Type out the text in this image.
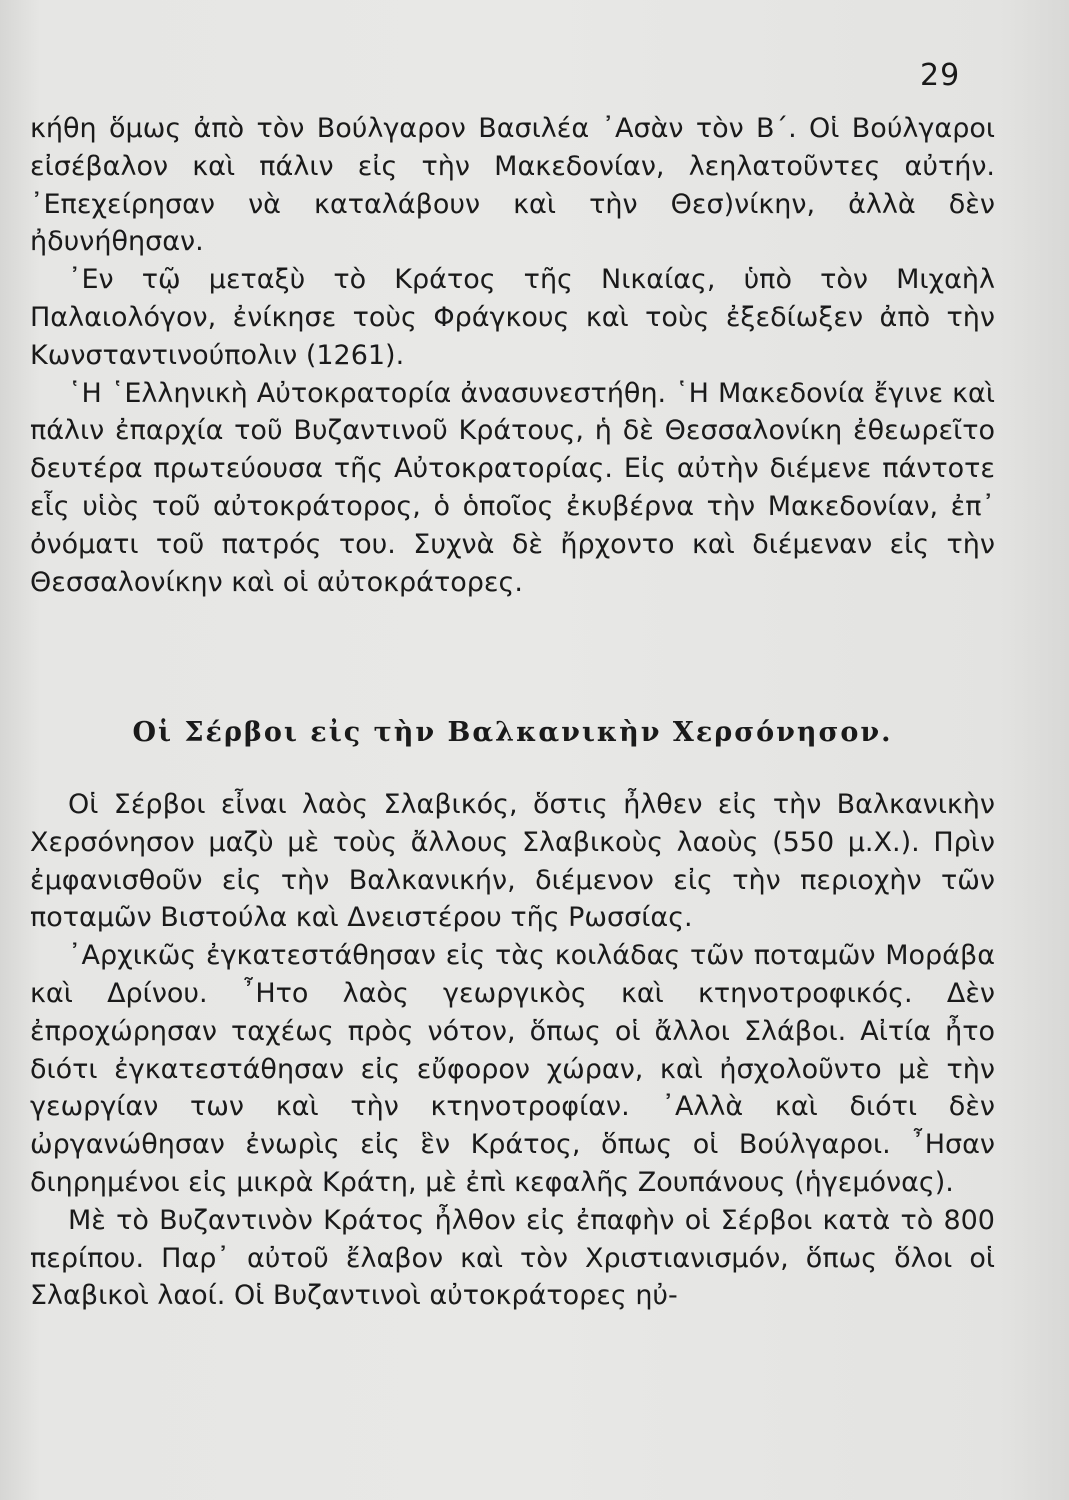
29

κήθη ὅμως ἀπὸ τὸν Βούλγαρον Βασιλέα ᾿Ασὰν τὸν Β΄. Οἱ Βούλγαροι εἰσέβαλον καὶ πάλιν εἰς τὴν Μακεδονίαν, λεηλατοῦντες αὐτήν. ᾿Επεχείρησαν νὰ καταλάβουν καὶ τὴν Θεσ)νίκην, ἀλλὰ δὲν ἠδυνήθησαν.

᾿Εν τῷ μεταξὺ τὸ Κράτος τῆς Νικαίας, ὑπὸ τὸν Μιχαὴλ Παλαιολόγον, ἐνίκησε τοὺς Φράγκους καὶ τοὺς ἐξεδίωξεν ἀπὸ τὴν Κωνσταντινούπολιν (1261).

῾Η ῾Ελληνικὴ Αὐτοκρατορία ἀνασυνεστήθη. ῾Η Μακεδονία ἔγινε καὶ πάλιν ἐπαρχία τοῦ Βυζαντινοῦ Κράτους, ἡ δὲ Θεσσαλονίκη ἐθεωρεῖτο δευτέρα πρωτεύουσα τῆς Αὐτοκρατορίας. Εἰς αὐτὴν διέμενε πάντοτε εἷς υἱὸς τοῦ αὐτοκράτορος, ὁ ὁποῖος ἐκυβέρνα τὴν Μακεδονίαν, ἐπ᾿ ὀνόματι τοῦ πατρός του. Συχνὰ δὲ ἤρχοντο καὶ διέμεναν εἰς τὴν Θεσσαλονίκην καὶ οἱ αὐτοκράτορες.

Οἱ Σέρβοι εἰς τὴν Βαλκανικὴν Χερσόνησον.

Οἱ Σέρβοι εἶναι λαὸς Σλαβικός, ὅστις ἦλθεν εἰς τὴν Βαλκανικὴν Χερσόνησον μαζὺ μὲ τοὺς ἄλλους Σλαβικοὺς λαοὺς (550 μ.Χ.). Πρὶν ἐμφανισθοῦν εἰς τὴν Βαλκανικήν, διέμενον εἰς τὴν περιοχὴν τῶν ποταμῶν Βιστούλα καὶ Δνειστέρου τῆς Ρωσσίας.

᾿Αρχικῶς ἐγκατεστάθησαν εἰς τὰς κοιλάδας τῶν ποταμῶν Μοράβα καὶ Δρίνου. ῏Ητο λαὸς γεωργικὸς καὶ κτηνοτροφικός. Δὲν ἐπροχώρησαν ταχέως πρὸς νότον, ὅπως οἱ ἄλλοι Σλάβοι. Αἰτία ἦτο διότι ἐγκατεστάθησαν εἰς εὔφορον χώραν, καὶ ἠσχολοῦντο μὲ τὴν γεωργίαν των καὶ τὴν κτηνοτροφίαν. ᾿Αλλὰ καὶ διότι δὲν ὠργανώθησαν ἐνωρὶς εἰς ἓν Κράτος, ὅπως οἱ Βούλγαροι. ῏Ησαν διηρημένοι εἰς μικρὰ Κράτη, μὲ ἐπὶ κεφαλῆς Ζουπάνους (ἡγεμόνας).

Μὲ τὸ Βυζαντινὸν Κράτος ἦλθον εἰς ἐπαφὴν οἱ Σέρβοι κατὰ τὸ 800 περίπου. Παρ᾿ αὐτοῦ ἔλαβον καὶ τὸν Χριστιανισμόν, ὅπως ὅλοι οἱ Σλαβικοὶ λαοί. Οἱ Βυζαντινοὶ αὐτοκράτορες ηὐ-
